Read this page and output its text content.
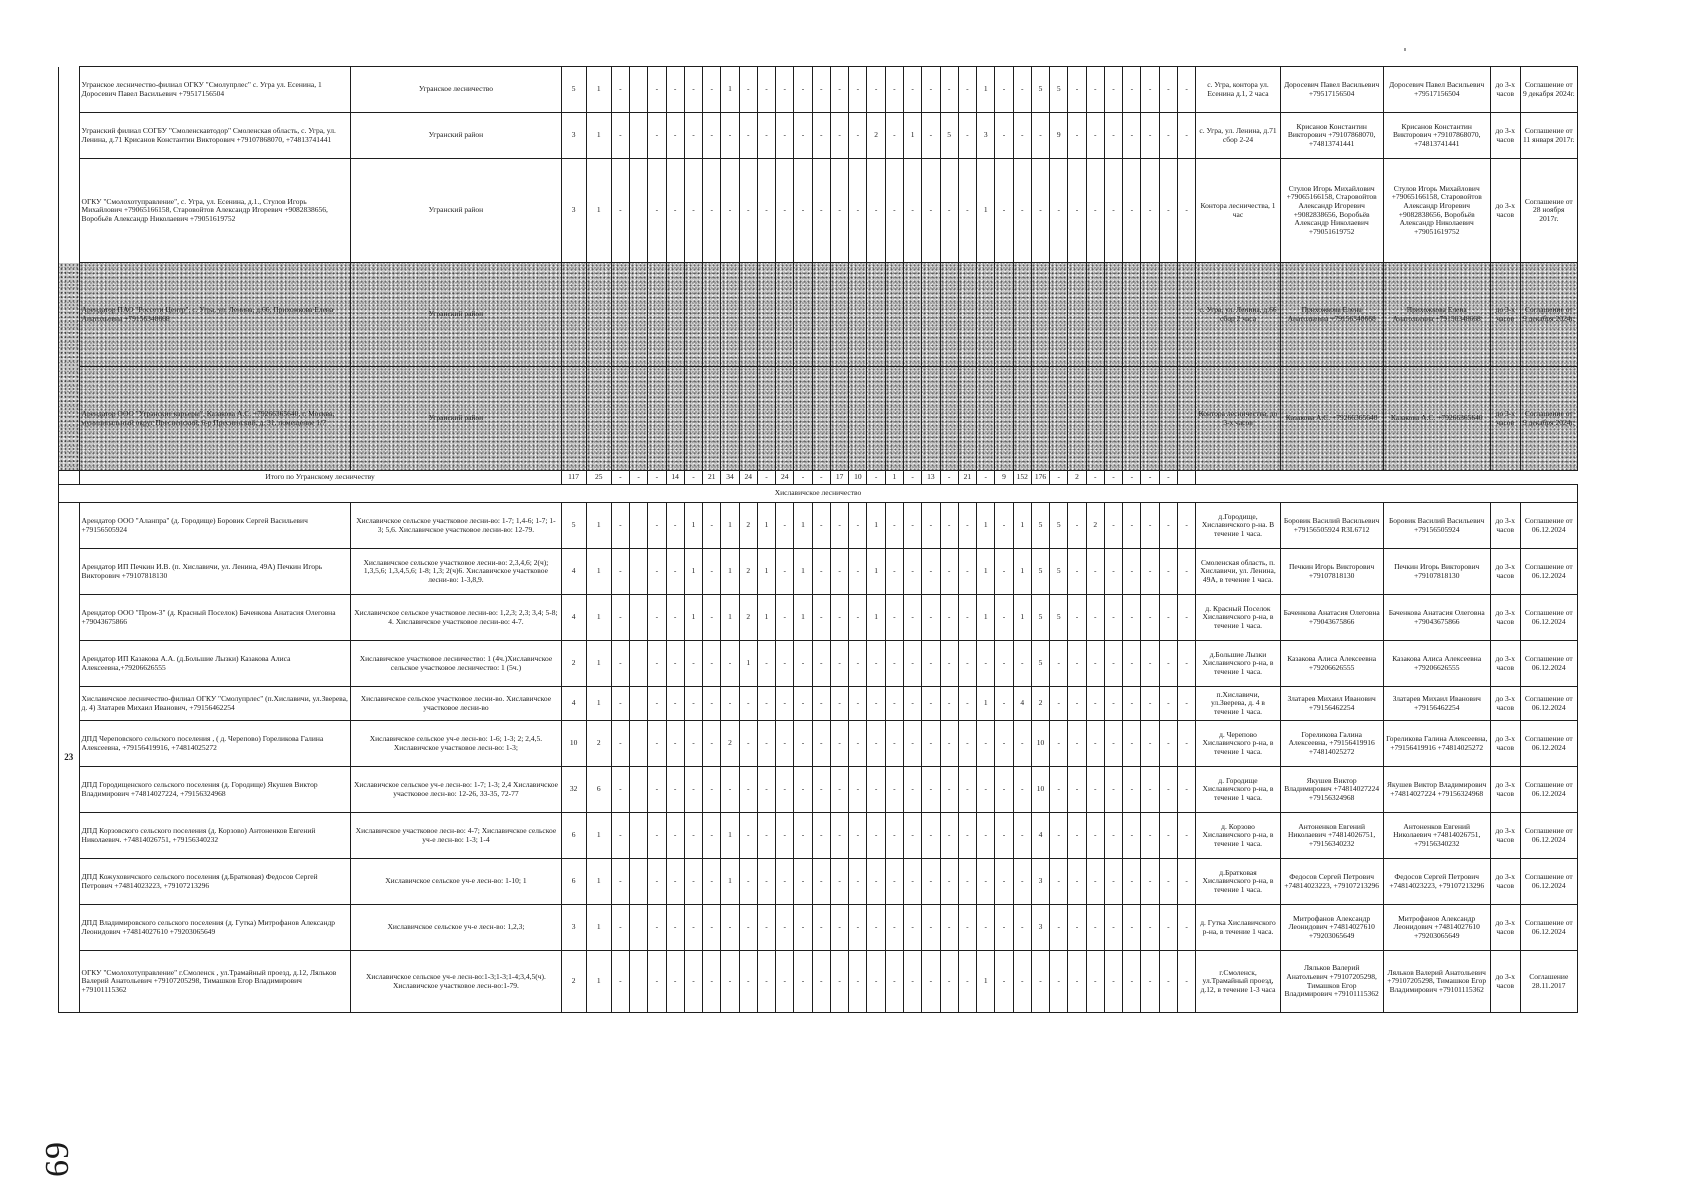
	Угранское лесничество-филиал ОГКУ "Смолупрлес" с. Угра ул. Есенина, 1 Доросевич Павел Васильевич +79517156504	Угранское лесничество	5	1	-		-	-	-	-	1	-	-	-	-	-	-	-	-	-	-	-	-	-	1	-	-	5	5	-	-	-	-	-	-	-	с. Угра, контора ул. Есенина д.1, 2 часа	Доросевич Павел Васильевич +79517156504	Доросевич Павел Васильевич +79517156504	до 3-х часов	Соглашение от 9 декабря 2024г.
	Угранский филиал СОГБУ "Смоленскавтодор" Смоленская область, с. Угра, ул. Ленина, д.71 Крисанов Константин Викторович +79107868070, +74813741441	Угранский район	3	1	-		-	-	-	-	-	-	-	-	-	-	-	-	2	-	1	-	5	-	3	-	-	-	9	-	-	-	-	-	-	-	с. Угра, ул. Ленина, д.71 сбор 2-24	Крисанов Константин Викторович +79107868070, +74813741441	Крисанов Константин Викторович +79107868070, +74813741441	до 3-х часов	Соглашение от 11 января 2017г.
	ОГКУ "Смолохотуправление", с. Угра, ул. Есенина, д.1., Стулов Игорь Михайлович +79065166158, Старовойтов Александр Игоревич +9082838656, Воробьёв Александр Николаевич +79051619752	Угранский район	3	1	-		-	-	-	-	-	-	-	-	-	-	-	-	-	-	-	-	-	-	1	-	-	-	-	-	-	-	-	-	-	-	Контора лесничества, 1 час	Стулов Игорь Михайлович +79065166158, Старовойтов Александр Игоревич +9082838656, Воробьёв Александр Николаевич +79051619752	Стулов Игорь Михайлович +79065166158, Старовойтов Александр Игоревич +9082838656, Воробьёв Александр Николаевич +79051619752	до 3-х часов	Соглашение от 28 ноября 2017г.
	Арендатор ПАО "Россети Центр", с. Угра, ул. Ленина, д.66, Прихожкова Елена Анатольевна +79156348668	Угранский район																																			с. Угра, ул. Ленина, д.66 сбор 2 часа	Прихожкова Елена Анатольевна +79156348668	Прихожкова Елена Анатольевна +79156348668	до 3-х часов	Соглашение от 9 декабря 2024г.
	Арендатор ООО "Угранские карьеры", Казакова А.С. +79266365640, г. Москва, муниципальный округ Пресненский, 6-р Пресненский, д. 31, помещение 1/7	Угранский район																																			Контора лесничества, до 3-х часов	Казакова А.С. +79266365640	Казакова А.С. +79266365640	до 3-х часов	Соглашение от 9 декабря 2024г.
	Итого по Угранскому лесничеству		117	25	-	-	-	14	-	21	34	24	-	24	-	-	17	10	-	1	-	13	-	21	-	9	152	176	-	2	-	-	-	-	-						
Хиславичское лесничество																																									
23	Арендатор ООО "Аланпра" (д. Городище) Боровик Сергей Васильевич +79156505924	Хиславичское сельское участковое лесни-во: 1-7; 1,4-6; 1-7; 1-3; 5,6. Хиславичское участковое лесни-во: 12-79.	5	1	-		-	-	1	-	1	2	1	-	1	-	-	-	1	-	-	-	-	-	1	-	1	5	5	-	2	-	-	-	-	-	д.Городище, Хиславичского р-на. В течение 1 часа.	Боровик Василий Васильевич +79156505924 R3L6712	Боровик Василий Васильевич +79156505924	до 3-х часов	Соглашение от 06.12.2024
	Арендатор ИП Печкин И.В. (п. Хиславичи, ул. Ленина, 49А) Печкин Игорь Викторович +79107818130	Хиславичское сельское участковое лесни-во: 2,3,4,6; 2(ч); 1,3,5,6; 1,3,4,5,6; 1-8; 1,3; 2(ч)6. Хиславичское участковое лесни-во: 1-3,8,9.	4	1	-		-	-	1	-	1	2	1	-	1	-	-	-	1	-	-	-	-	-	1	-	1	5	5	-	-	-	-	-	-	-	Смоленская область, п. Хиславичи, ул. Ленина, 49А, в течение 1 часа.	Печкин Игорь Викторович +79107818130	Печкин Игорь Викторович +79107818130	до 3-х часов	Соглашение от 06.12.2024
	Арендатор ООО "Пром-3" (д. Красный Поселок) Баченкова Анатасия Олеговна +79043675866	Хиславичское сельское участковое лесни-во: 1,2,3; 2,3; 3,4; 5-8; 4. Хиславичское участковое лесни-во: 4-7.	4	1	-		-	-	1	-	1	2	1	-	1	-	-	-	1	-	-	-	-	-	1	-	1	5	5	-	-	-	-	-	-	-	д. Красный Поселок Хиславичского р-на, в течение 1 часа.	Баченкова Анатасия Олеговна +79043675866	Баченкова Анатасия Олеговна +79043675866	до 3-х часов	Соглашение от 06.12.2024
	Арендатор ИП Казакова А.А. (д.Большие Лызки) Казакова Алиса Алексеевна,+79206626555	Хиславичское участковое лесничество: 1 (4ч.)Хиславичское сельское участковое лесничество: 1 (5ч.)	2	1	-		-	-	-	-	-	1	-	-	-	-	-	-	-	-	-	-	-	-	-	-	-	5	-	-	-	-	-	-	-	-	д.Большие Лызки Хиславичского р-на, в течение 1 часа.	Казакова Алиса Алексеевна +79206626555	Казакова Алиса Алексеевна +79206626555	до 3-х часов	Соглашение от 06.12.2024
	Хиславичское лесничество-филиал ОГКУ "Смолупрлес" (п.Хиславичи, ул.Зверева, д. 4) Златарев Михаил Иванович, +79156462254	Хиславичское сельское участковое лесни-во. Хиславичское участковое лесни-во	4	1	-		-	-	-	-	-	-	-	-	-	-	-	-	-	-	-	-	-	-	1	-	4	2	-	-	-	-	-	-	-	-	п.Хиславичи, ул.Зверева, д. 4 в течение 1 часа.	Златарев Михаил Иванович +79156462254	Златарев Михаил Иванович +79156462254	до 3-х часов	Соглашение от 06.12.2024
	ДПД Череповского сельского поселения , ( д. Черепово) Гореликова Галина Алексеевна, +79156419916, +74814025272	Хиславичское сельское уч-е лесн-во: 1-6; 1-3; 2; 2,4,5. Хиславичское участковое лесн-во: 1-3;	10	2	-		-	-	-	-	2	-	-	-	-	-	-	-	-	-	-	-	-	-	-	-	-	10	-	-	-	-	-	-	-	-	д. Черепово Хиславичского р-на, в течение 1 часа.	Гореликова Галина Алексеевна, +79156419916 +74814025272	Гореликова Галина Алексеевна, +79156419916 +74814025272	до 3-х часов	Соглашение от 06.12.2024
	ДПД Городищенского сельского поселения (д. Городище) Якушев Виктор Владимирович +74814027224, +79156324968	Хиславичское сельское уч-е лесн-во: 1-7; 1-3; 2,4 Хиславичское участковое лесн-во: 12-26, 33-35, 72-77	32	6	-		-	-	-	-	-	-	-	-	-	-	-	-	-	-	-	-	-	-	-	-	-	10	-	-	-	-	-	-	-	-	д. Городище Хиславичского р-на, в течение 1 часа.	Якушев Виктор Владимирович +74814027224 +79156324968	Якушев Виктор Владимирович +74814027224 +79156324968	до 3-х часов	Соглашение от 06.12.2024
	ДПД Корзовского сельского поселения (д. Корзово) Антоненков Евгений Николаевич. +74814026751, +79156340232	Хиславичское участковое лесн-во: 4-7; Хиславичское сельское уч-е лесн-во: 1-3; 1-4	6	1	-		-	-	-	-	1	-	-	-	-	-	-	-	-	-	-	-	-	-	-	-	-	4	-	-	-	-	-	-	-	-	д. Корзово Хиславичского р-на, в течение 1 часа.	Антоненков Евгений Николаевич +74814026751, +79156340232	Антоненков Евгений Николаевич +74814026751, +79156340232	до 3-х часов	Соглашение от 06.12.2024
	ДПД Кожуховичского сельского поселения (д.Братковая) Федосов Сергей Петрович +74814023223, +79107213296	Хиславичское сельское уч-е лесн-во: 1-10; 1	6	1	-		-	-	-	-	1	-	-	-	-	-	-	-	-	-	-	-	-	-	-	-	-	3	-	-	-	-	-	-	-	-	д.Братковая Хиславичского р-на, в течение 1 часа.	Федосов Сергей Петрович +74814023223, +79107213296	Федосов Сергей Петрович +74814023223, +79107213296	до 3-х часов	Соглашение от 06.12.2024
	ДПД Владимировского сельского поселения (д. Гутка) Митрофанов Александр Леонидович +74814027610 +79203065649	Хиславичское сельское уч-е лесн-во: 1,2,3;	3	1	-		-	-	-	-	-	-	-	-	-	-	-	-	-	-	-	-	-	-	-	-	-	3	-	-	-	-	-	-	-	-	д. Гутка Хиславичского р-на, в течение 1 часа.	Митрофанов Александр Леонидович +74814027610 +79203065649	Митрофанов Александр Леонидович +74814027610 +79203065649	до 3-х часов	Соглашение от 06.12.2024
	ОГКУ "Смолохотуправление" г.Смоленск , ул.Трамайный проезд, д.12, Ляльков Валерий Анатольевич +79107205298, Тимашков Егор Владимирович +79101115362	Хиславичское сельское уч-е лесн-во:1-3;1-3;1-4;3,4,5(ч). Хиславичское участковое лесн-во:1-79.	2	1	-		-	-	-	-	-	-	-	-	-	-	-	-	-	-	-	-	-	-	1	-	-	-	-	-	-	-	-	-	-	-	г.Смоленск, ул.Трамайный проезд, д.12, в течение 1-3 часа	Ляльков Валерий Анатольевич +79107205298, Тимашков Егор Владимирович +79101115362	Ляльков Валерий Анатольевич +79107205298, Тимашков Егор Владимирович +79101115362	до 3-х часов	Соглашение 28.11.2017
69
